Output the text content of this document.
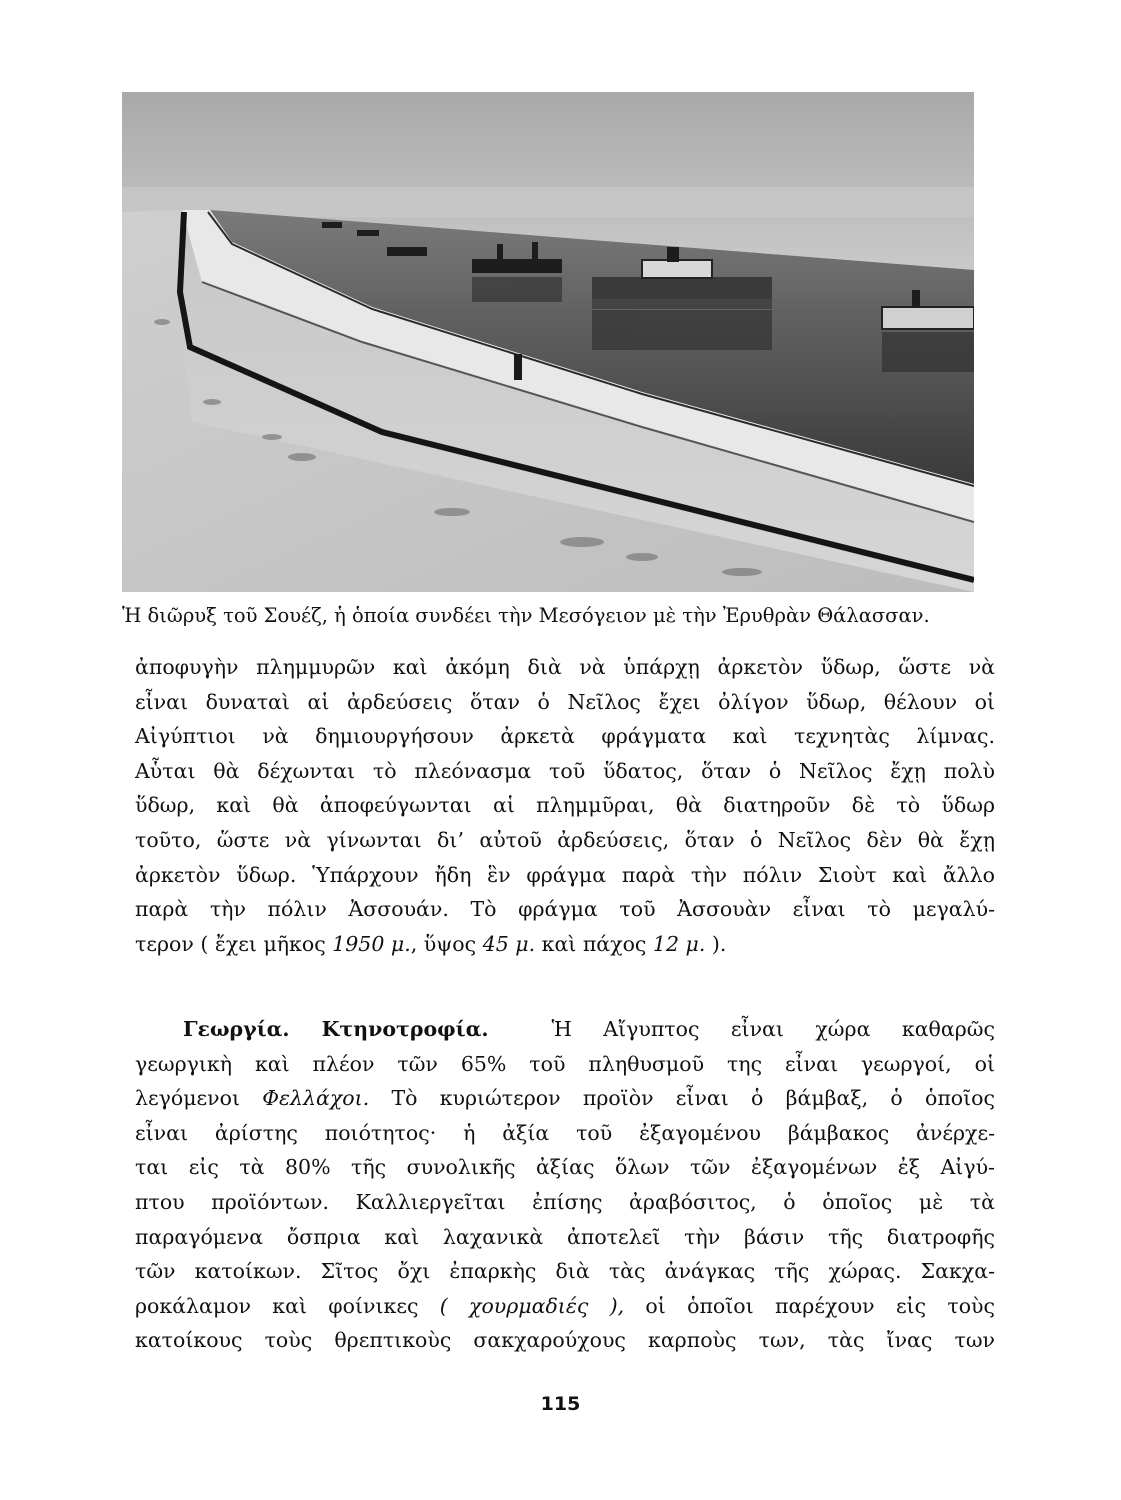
Ἡ διῶρυξ τοῦ Σουέζ, ἡ ὁποία συνδέει τὴν Μεσόγειον μὲ τὴν Ἐρυθρὰν Θάλασσαν.
ἀποφυγὴν πλημμυρῶν καὶ ἀκόμη διὰ νὰ ὑπάρχῃ ἀρκετὸν ὕδωρ, ὥστε νὰ
εἶναι δυναταὶ αἱ ἀρδεύσεις ὅταν ὁ Νεῖλος ἔχει ὀλίγον ὕδωρ, θέλουν οἱ
Αἰγύπτιοι νὰ δημιουργήσουν ἀρκετὰ φράγματα καὶ τεχνητὰς λίμνας.
Αὗται θὰ δέχωνται τὸ πλεόνασμα τοῦ ὕδατος, ὅταν ὁ Νεῖλος ἔχῃ πολὺ
ὕδωρ, καὶ θὰ ἀποφεύγωνται αἱ πλημμῦραι, θὰ διατηροῦν δὲ τὸ ὕδωρ
τοῦτο, ὥστε νὰ γίνωνται δι’ αὐτοῦ ἀρδεύσεις, ὅταν ὁ Νεῖλος δὲν θὰ ἔχῃ
ἀρκετὸν ὕδωρ. Ὑπάρχουν ἤδη ἓν φράγμα παρὰ τὴν πόλιν Σιοὺτ καὶ ἄλλο
παρὰ τὴν πόλιν Ἀσσουάν. Τὸ φράγμα τοῦ Ἀσσουὰν εἶναι τὸ μεγαλύ-
τερον ( ἔχει μῆκος 1950 μ., ὕψος 45 μ. καὶ πάχος 12 μ. ).
Γεωργία. Κτηνοτροφία.	Ἡ Αἴγυπτος εἶναι χώρα καθαρῶς
γεωργικὴ καὶ πλέον τῶν 65% τοῦ πληθυσμοῦ της εἶναι γεωργοί, οἱ
λεγόμενοι Φελλάχοι. Τὸ κυριώτερον προϊὸν εἶναι ὁ βάμβαξ, ὁ ὁποῖος
εἶναι ἀρίστης ποιότητος· ἡ ἀξία τοῦ ἐξαγομένου βάμβακος ἀνέρχε-
ται εἰς τὰ 80% τῆς συνολικῆς ἀξίας ὅλων τῶν ἐξαγομένων ἐξ Αἰγύ-
πτου προϊόντων. Καλλιεργεῖται ἐπίσης ἀραβόσιτος, ὁ ὁποῖος μὲ τὰ
παραγόμενα ὄσπρια καὶ λαχανικὰ ἀποτελεῖ τὴν βάσιν τῆς διατροφῆς
τῶν κατοίκων. Σῖτος ὄχι ἐπαρκὴς διὰ τὰς ἀνάγκας τῆς χώρας. Σακχα-
ροκάλαμον καὶ φοίνικες ( χουρμαδιές ), οἱ ὁποῖοι παρέχουν εἰς τοὺς
κατοίκους τοὺς θρεπτικοὺς σακχαρούχους καρποὺς των, τὰς ἴνας των
115
